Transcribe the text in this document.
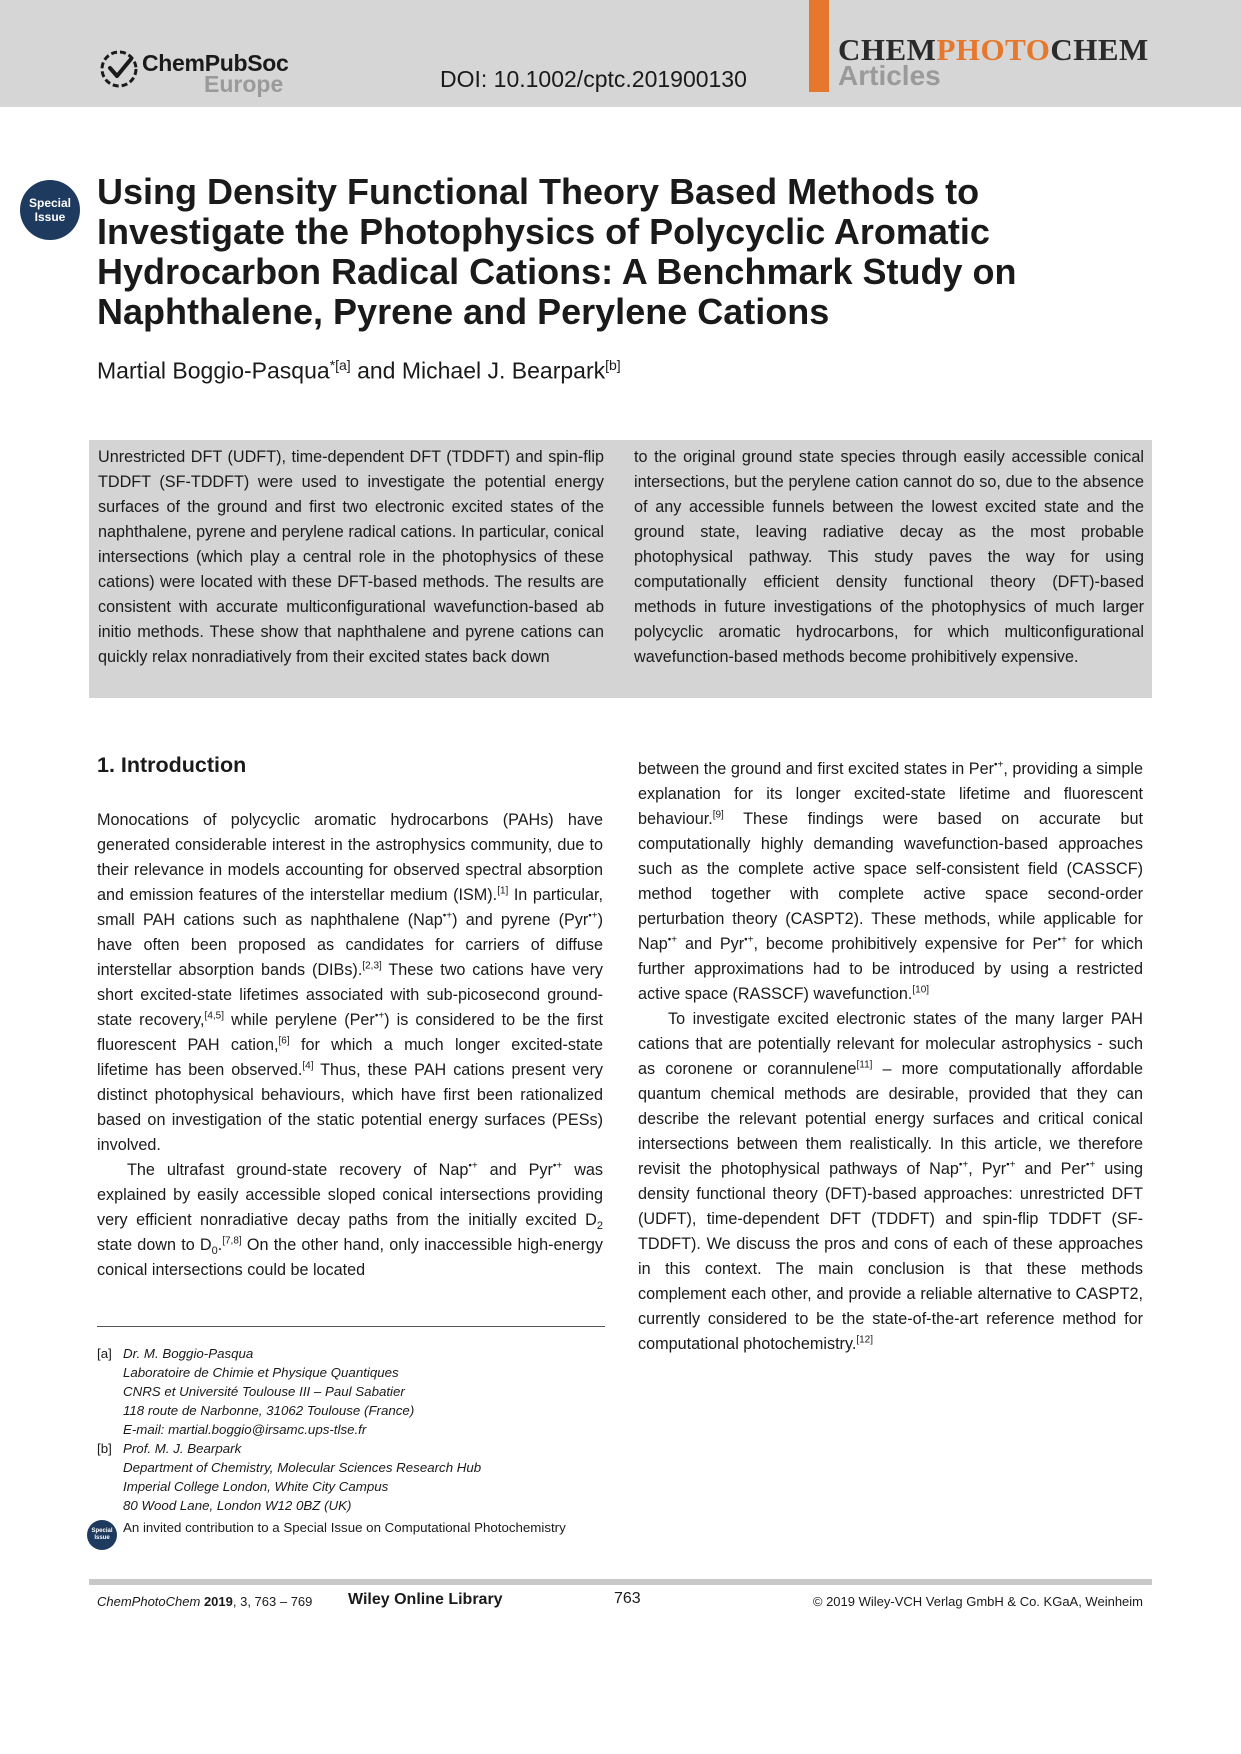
ChemPubSoc
Europe	DOI: 10.1002/cptc.201900130
CHEMPHOTOCHEM
Articles
Special
Issue
Using Density Functional Theory Based Methods to
Investigate the Photophysics of Polycyclic Aromatic
Hydrocarbon Radical Cations: A Benchmark Study on
Naphthalene, Pyrene and Perylene Cations
Martial Boggio-Pasqua$^{*[a]}$ and Michael J. Bearpark[b]
Unrestricted DFT (UDFT), time-dependent DFT (TDDFT) and spin-flip TDDFT (SF-TDDFT) were used to investigate the potential energy surfaces of the ground and first two electronic excited states of the naphthalene, pyrene and perylene radical cations. In particular, conical intersections (which play a central role in the photophysics of these cations) were located with these DFT-based methods. The results are consistent with accurate multiconfigurational wavefunction-based ab initio methods. These show that naphthalene and pyrene cations can quickly relax nonradiatively from their excited states back down
to the original ground state species through easily accessible conical intersections, but the perylene cation cannot do so, due to the absence of any accessible funnels between the lowest excited state and the ground state, leaving radiative decay as the most probable photophysical pathway. This study paves the way for using computationally efficient density functional theory (DFT)-based methods in future investigations of the photophysics of much larger polycyclic aromatic hydrocarbons, for which multiconfigurational wavefunction-based methods become prohibitively expensive.
1. Introduction

Monocations of polycyclic aromatic hydrocarbons (PAHs) have generated considerable interest in the astrophysics community, due to their relevance in models accounting for observed spectral absorption and emission features of the interstellar medium (ISM).[1] In particular, small PAH cations such as naphthalene (Nap•+) and pyrene (Pyr•+) have often been proposed as candidates for carriers of diffuse interstellar absorption bands (DIBs).[2,3] These two cations have very short excited-state lifetimes associated with sub-picosecond ground-state recovery,[4,5] while perylene (Per•+) is considered to be the first fluorescent PAH cation,[6] for which a much longer excited-state lifetime has been observed.[4] Thus, these PAH cations present very distinct photophysical behaviours, which have first been rationalized based on investigation of the static potential energy surfaces (PESs) involved.

The ultrafast ground-state recovery of Nap•+ and Pyr•+ was explained by easily accessible sloped conical intersections providing very efficient nonradiative decay paths from the initially excited $D_2$ state down to $D_0.[7,8]$ On the other hand, only inaccessible high-energy conical intersections could be located

between the ground and first excited states in Per•+, providing a simple explanation for its longer excited-state lifetime and fluorescent behaviour.[9] These findings were based on accurate but computationally highly demanding wavefunction-based approaches such as the complete active space self-consistent field (CASSCF) method together with complete active space second-order perturbation theory (CASPT2). These methods, while applicable for Nap•+ and Pyr•+, become prohibitively expensive for Per•+ for which further approximations had to be introduced by using a restricted active space (RASSCF) wavefunction.[10]

To investigate excited electronic states of the many larger PAH cations that are potentially relevant for molecular astrophysics - such as coronene or corannulene[11] – more computationally affordable quantum chemical methods are desirable, provided that they can describe the relevant potential energy surfaces and critical conical intersections between them realistically. In this article, we therefore revisit the photophysical pathways of Nap•+, Pyr•+ and Per•+ using density functional theory (DFT)-based approaches: unrestricted DFT (UDFT), time-dependent DFT (TDDFT) and spin-flip TDDFT (SF-TDDFT). We discuss the pros and cons of each of these approaches in this context. The main conclusion is that these methods complement each other, and provide a reliable alternative to CASPT2, currently considered to be the state-of-the-art reference method for computational photochemistry.[12]

[a] Dr. M. Boggio-Pasqua
Laboratoire de Chimie et Physique Quantiques
CNRS et Université Toulouse III – Paul Sabatier
118 route de Narbonne, 31062 Toulouse (France)
E-mail: martial.boggio@irsamc.ups-tlse.fr
[b] Prof. M. J. Bearpark
Department of Chemistry, Molecular Sciences Research Hub
Imperial College London, White City Campus
80 Wood Lane, London W12 0BZ (UK)
Special
Issue
An invited contribution to a Special Issue on Computational Photochemistry
ChemPhotoChem 2019, 3, 763 – 769 Wiley Online Library	763	© 2019 Wiley-VCH Verlag GmbH & Co. KGaA, Weinheim
